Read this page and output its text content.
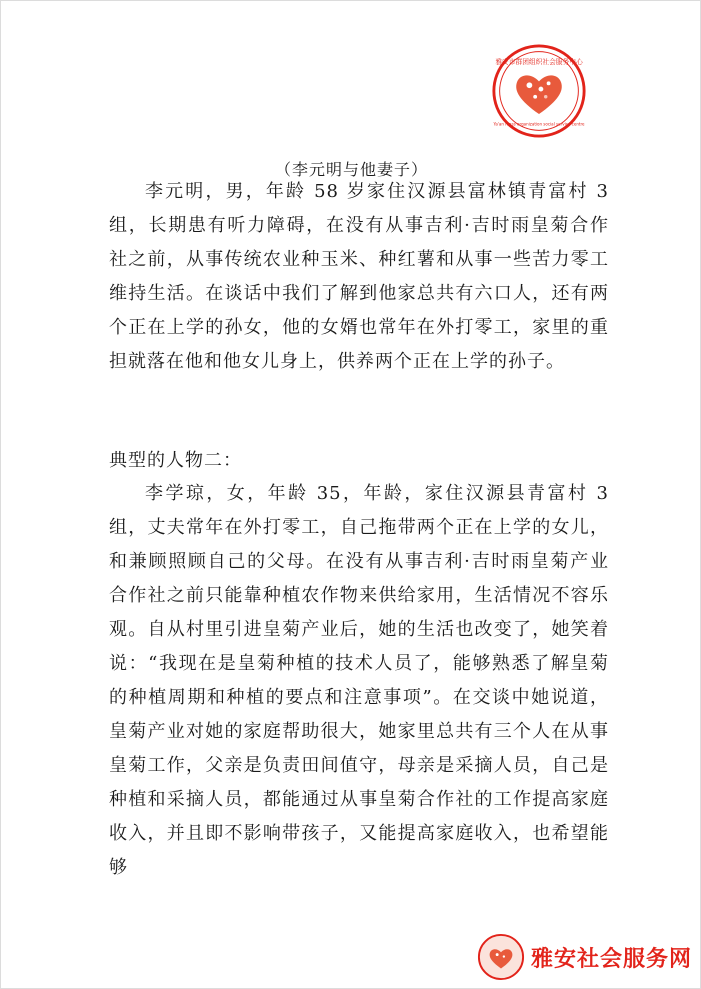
雅安市群团组织社会服务中心
Ya'an mass organization social service centre
（李元明与他妻子）

李元明，男，年龄 58 岁家住汉源县富林镇青富村 3 组，长期患有听力障碍，在没有从事吉利·吉时雨皇菊合作社之前，从事传统农业种玉米、种红薯和从事一些苦力零工维持生活。在谈话中我们了解到他家总共有六口人，还有两个正在上学的孙女，他的女婿也常年在外打零工，家里的重担就落在他和他女儿身上，供养两个正在上学的孙子。

典型的人物二：

李学琼，女，年龄 35，年龄，家住汉源县青富村 3 组，丈夫常年在外打零工，自己拖带两个正在上学的女儿，和兼顾照顾自己的父母。在没有从事吉利·吉时雨皇菊产业合作社之前只能靠种植农作物来供给家用，生活情况不容乐观。自从村里引进皇菊产业后，她的生活也改变了，她笑着说：“我现在是皇菊种植的技术人员了，能够熟悉了解皇菊的种植周期和种植的要点和注意事项”。在交谈中她说道，皇菊产业对她的家庭帮助很大，她家里总共有三个人在从事皇菊工作，父亲是负责田间值守，母亲是采摘人员，自己是种植和采摘人员，都能通过从事皇菊合作社的工作提高家庭收入，并且即不影响带孩子，又能提高家庭收入，也希望能够

雅安社会服务网
